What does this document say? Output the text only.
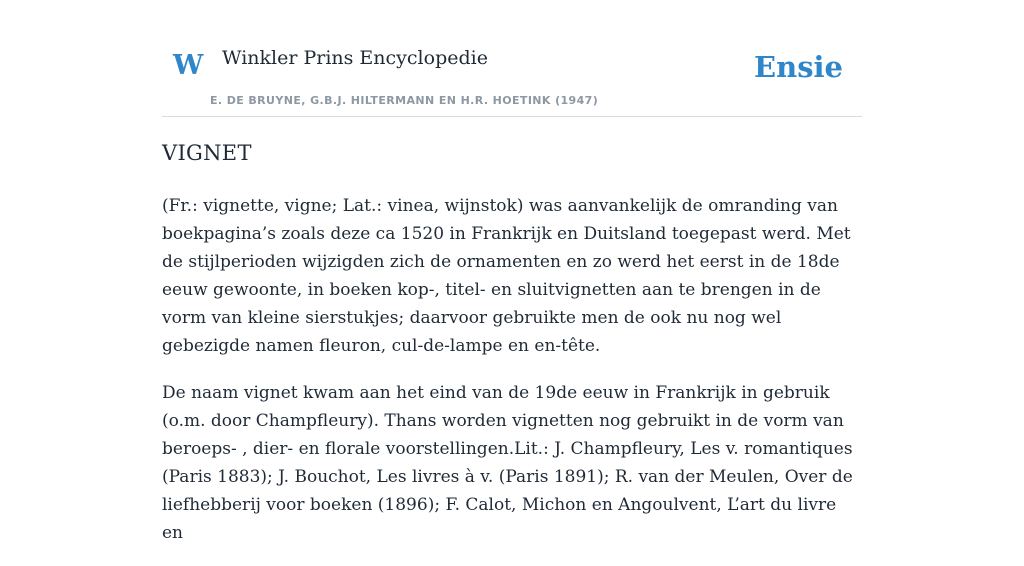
W Winkler Prins Encyclopedie
E. DE BRUYNE, G.B.J. HILTERMANN EN H.R. HOETINK (1947)
Ensie
VIGNET

(Fr.: vignette, vigne; Lat.: vinea, wijnstok) was aanvankelijk de omranding van boekpagina’s zoals deze ca 1520 in Frankrijk en Duitsland toegepast werd. Met de stijlperioden wijzigden zich de ornamenten en zo werd het eerst in de 18de eeuw gewoonte, in boeken kop-, titel- en sluitvignetten aan te brengen in de vorm van kleine sierstukjes; daarvoor gebruikte men de ook nu nog wel gebezigde namen fleuron, cul-de-lampe en en-tête.

De naam vignet kwam aan het eind van de 19de eeuw in Frankrijk in gebruik (o.m. door Champfleury). Thans worden vignetten nog gebruikt in de vorm van beroeps- , dier- en florale voorstellingen.Lit.: J. Champfleury, Les v. romantiques (Paris 1883); J. Bouchot, Les livres à v. (Paris 1891); R. van der Meulen, Over de liefhebberij voor boeken (1896); F. Calot, Michon en Angoulvent, L’art du livre en
